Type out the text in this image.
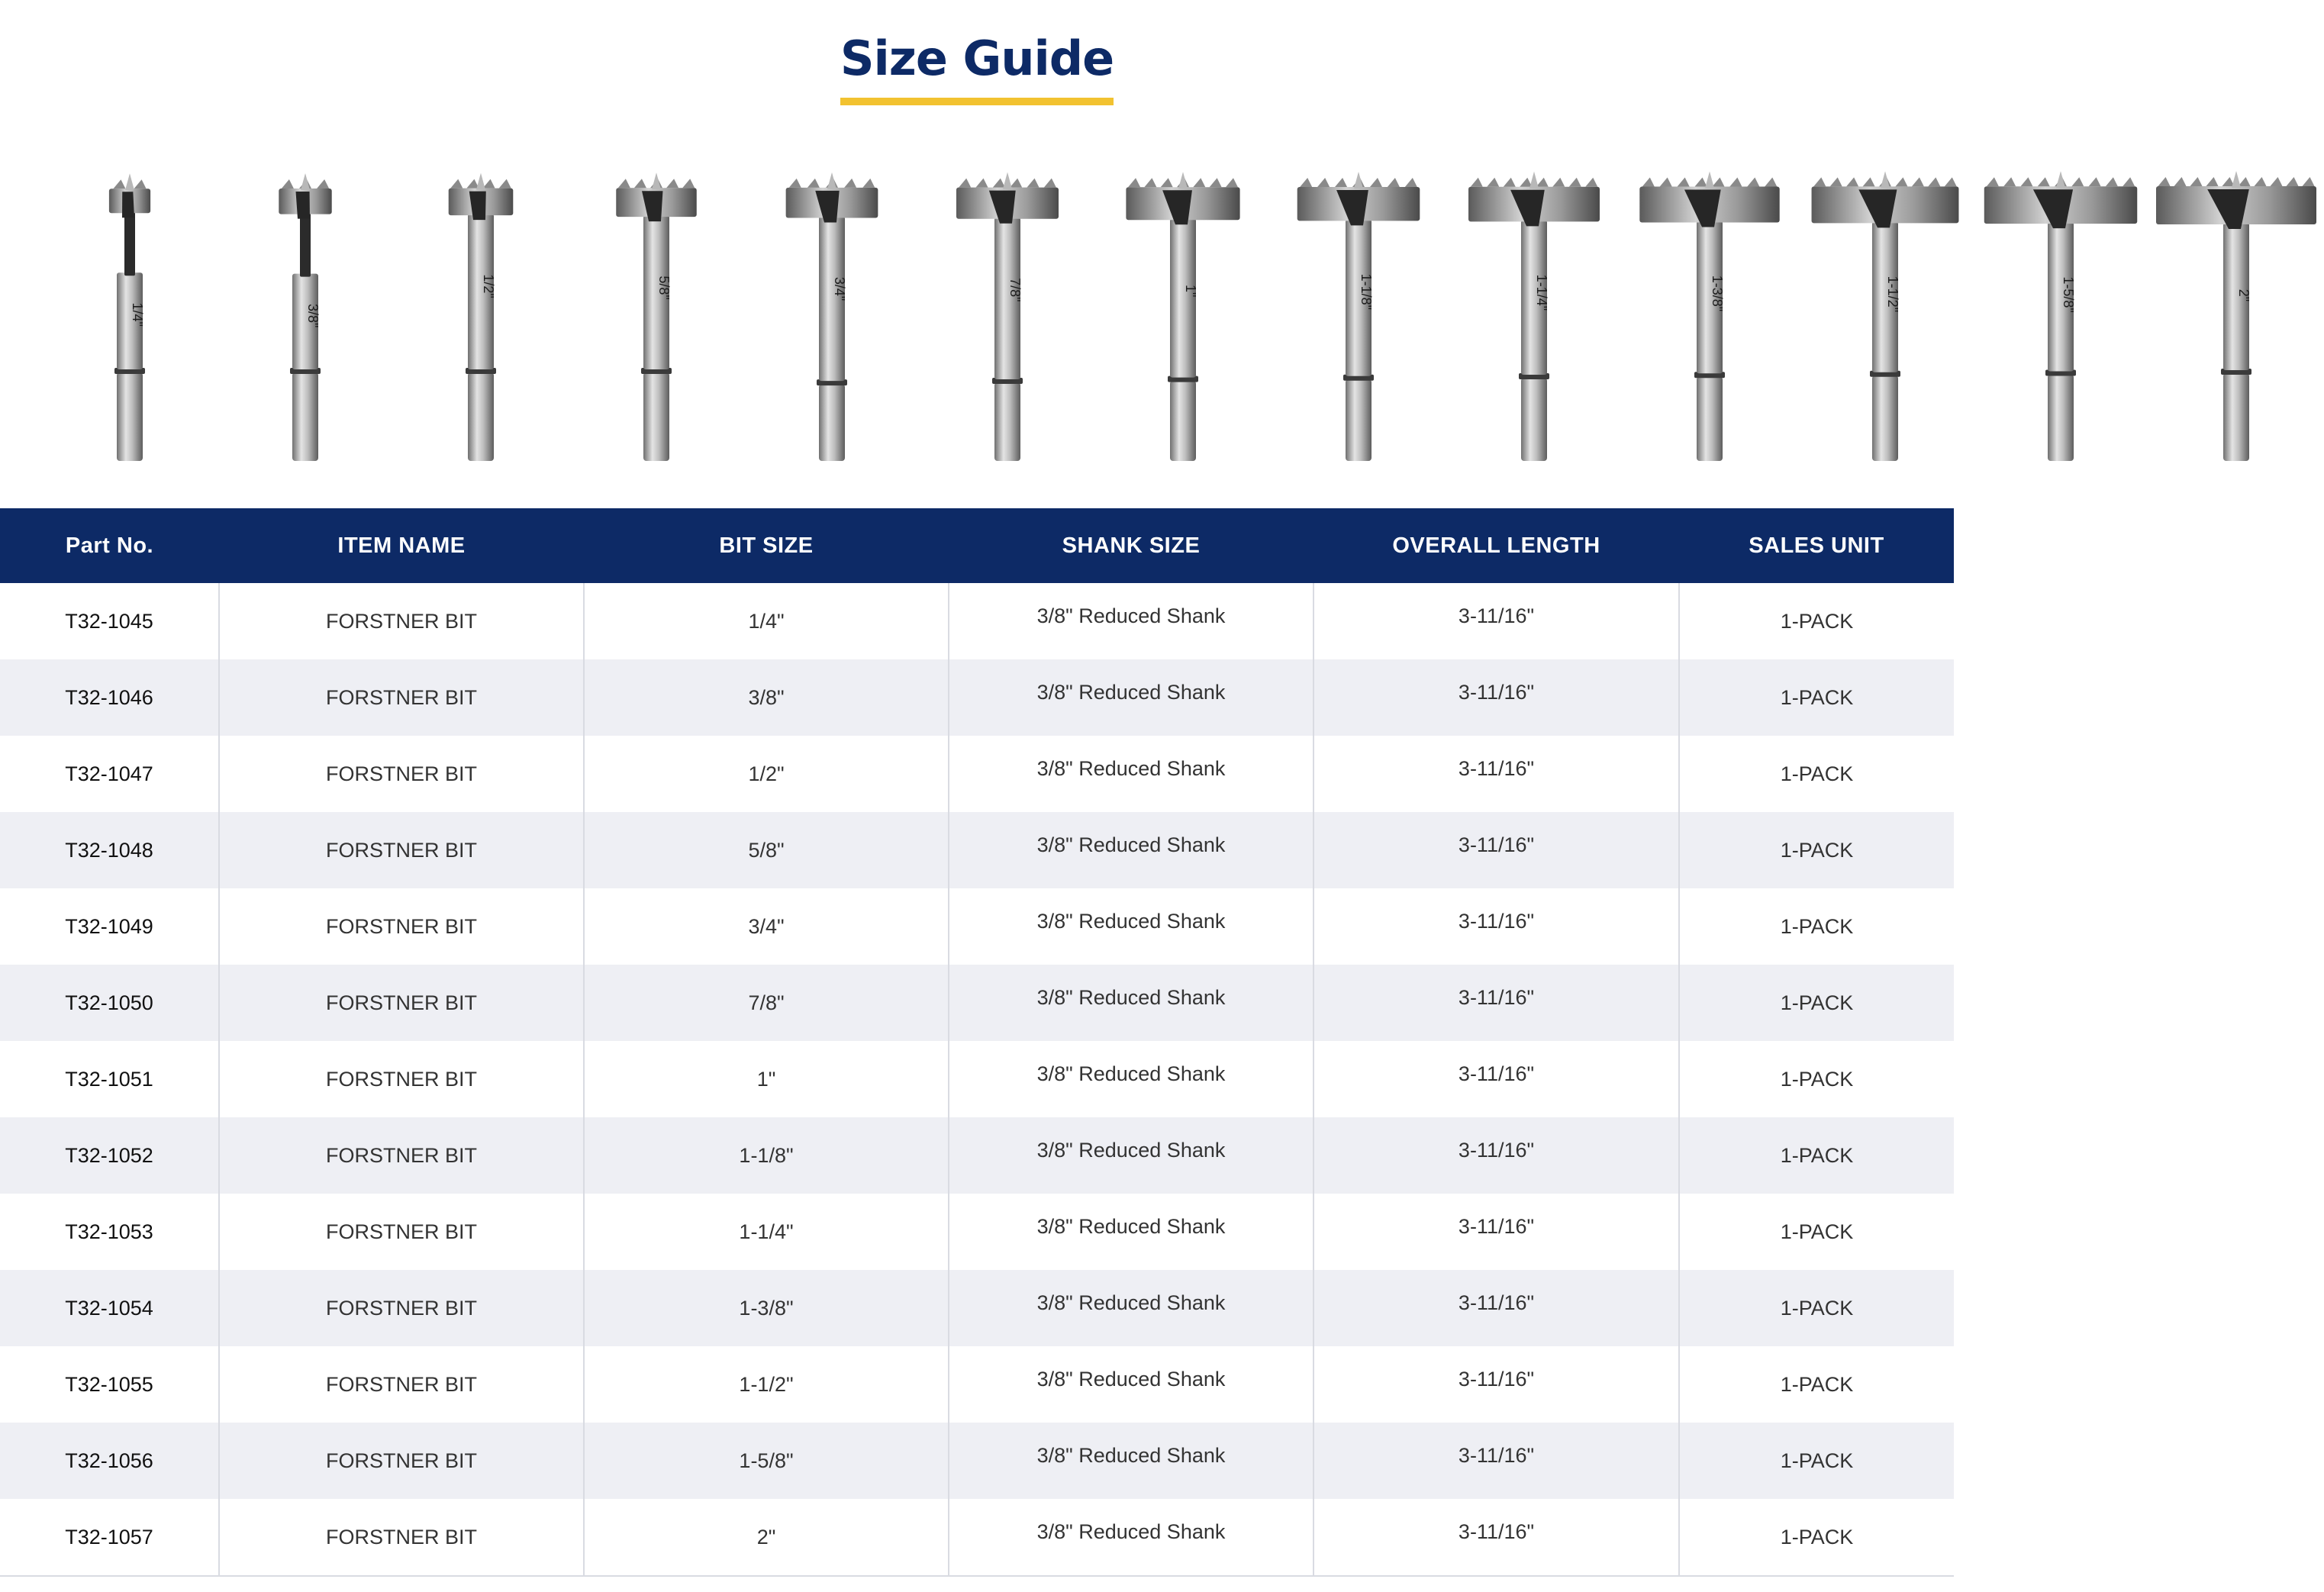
Size Guide
1/4"	3/8"
1/2"	5/8"	3/4"	7/8"	1"	1-1/8"	1-1/4"	1-3/8"	1-1/2"	1-5/8"	2"
Part No.	ITEM NAME	BIT SIZE	SHANK SIZE	OVERALL LENGTH	SALES UNIT
T32-1045	FORSTNER BIT	1/4"	3/8" Reduced Shank	3-11/16"	1-PACK
T32-1046	FORSTNER BIT	3/8"	3/8" Reduced Shank	3-11/16"	1-PACK
T32-1047	FORSTNER BIT	1/2"	3/8" Reduced Shank	3-11/16"	1-PACK
T32-1048	FORSTNER BIT	5/8"	3/8" Reduced Shank	3-11/16"	1-PACK
T32-1049	FORSTNER BIT	3/4"	3/8" Reduced Shank	3-11/16"	1-PACK
T32-1050	FORSTNER BIT	7/8"	3/8" Reduced Shank	3-11/16"	1-PACK
T32-1051	FORSTNER BIT	1"	3/8" Reduced Shank	3-11/16"	1-PACK
T32-1052	FORSTNER BIT	1-1/8"	3/8" Reduced Shank	3-11/16"	1-PACK
T32-1053	FORSTNER BIT	1-1/4"	3/8" Reduced Shank	3-11/16"	1-PACK
T32-1054	FORSTNER BIT	1-3/8"	3/8" Reduced Shank	3-11/16"	1-PACK
T32-1055	FORSTNER BIT	1-1/2"	3/8" Reduced Shank	3-11/16"	1-PACK
T32-1056	FORSTNER BIT	1-5/8"	3/8" Reduced Shank	3-11/16"	1-PACK
T32-1057	FORSTNER BIT	2"	3/8" Reduced Shank	3-11/16"	1-PACK
